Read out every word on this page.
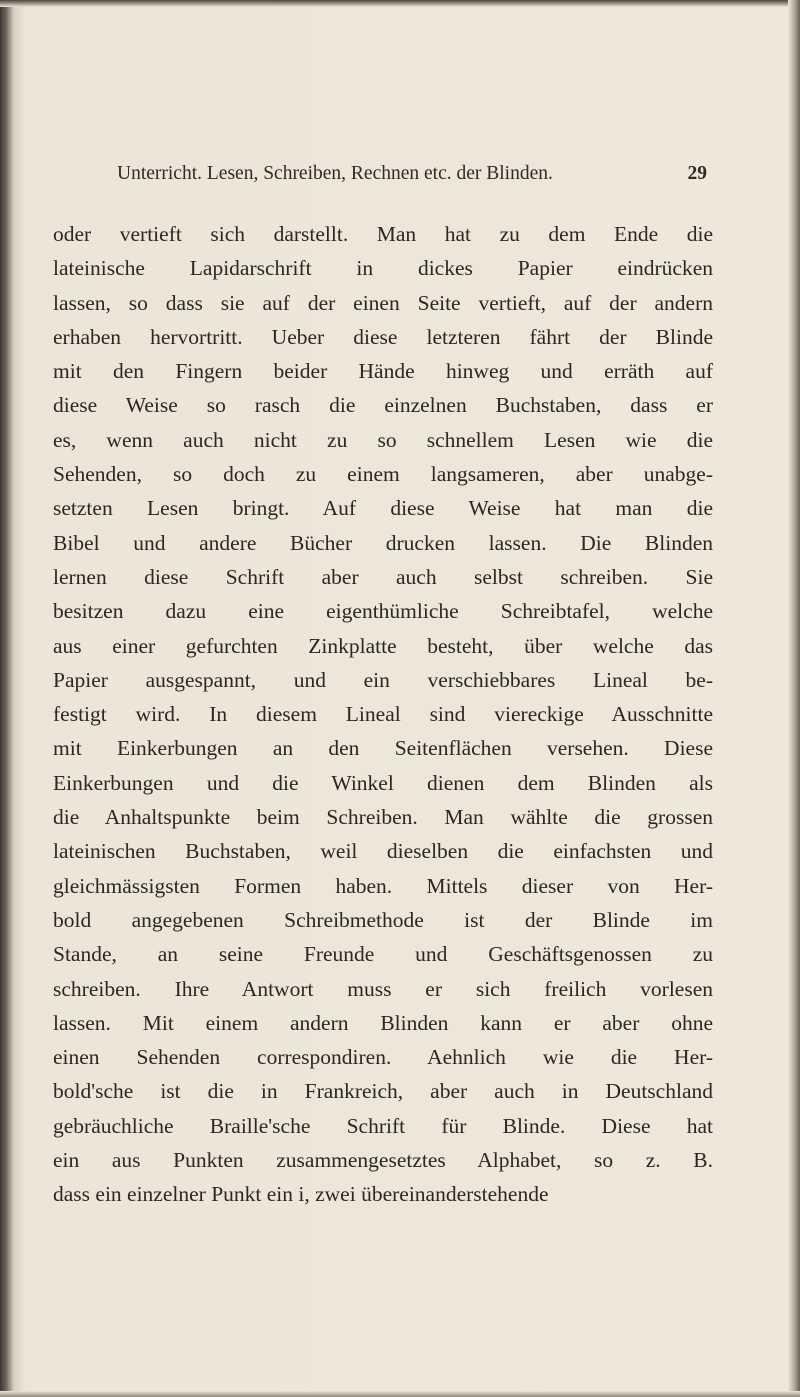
Unterricht. Lesen, Schreiben, Rechnen etc. der Blinden.	29
oder vertieft sich darstellt. Man hat zu dem Ende die
lateinische Lapidarschrift in dickes Papier eindrücken
lassen, so dass sie auf der einen Seite vertieft, auf der andern
erhaben hervortritt. Ueber diese letzteren fährt der Blinde
mit den Fingern beider Hände hinweg und erräth auf
diese Weise so rasch die einzelnen Buchstaben, dass er
es, wenn auch nicht zu so schnellem Lesen wie die
Sehenden, so doch zu einem langsameren, aber unabge-
setzten Lesen bringt. Auf diese Weise hat man die
Bibel und andere Bücher drucken lassen. Die Blinden
lernen diese Schrift aber auch selbst schreiben. Sie
besitzen dazu eine eigenthümliche Schreibtafel, welche
aus einer gefurchten Zinkplatte besteht, über welche das
Papier ausgespannt, und ein verschiebbares Lineal be-
festigt wird. In diesem Lineal sind viereckige Ausschnitte
mit Einkerbungen an den Seitenflächen versehen. Diese
Einkerbungen und die Winkel dienen dem Blinden als
die Anhaltspunkte beim Schreiben. Man wählte die grossen
lateinischen Buchstaben, weil dieselben die einfachsten und
gleichmässigsten Formen haben. Mittels dieser von Her-
bold angegebenen Schreibmethode ist der Blinde im
Stande, an seine Freunde und Geschäftsgenossen zu
schreiben. Ihre Antwort muss er sich freilich vorlesen
lassen. Mit einem andern Blinden kann er aber ohne
einen Sehenden correspondiren. Aehnlich wie die Her-
bold'sche ist die in Frankreich, aber auch in Deutschland
gebräuchliche Braille'sche Schrift für Blinde. Diese hat
ein aus Punkten zusammengesetztes Alphabet, so z. B.
dass ein einzelner Punkt ein i, zwei übereinanderstehende
